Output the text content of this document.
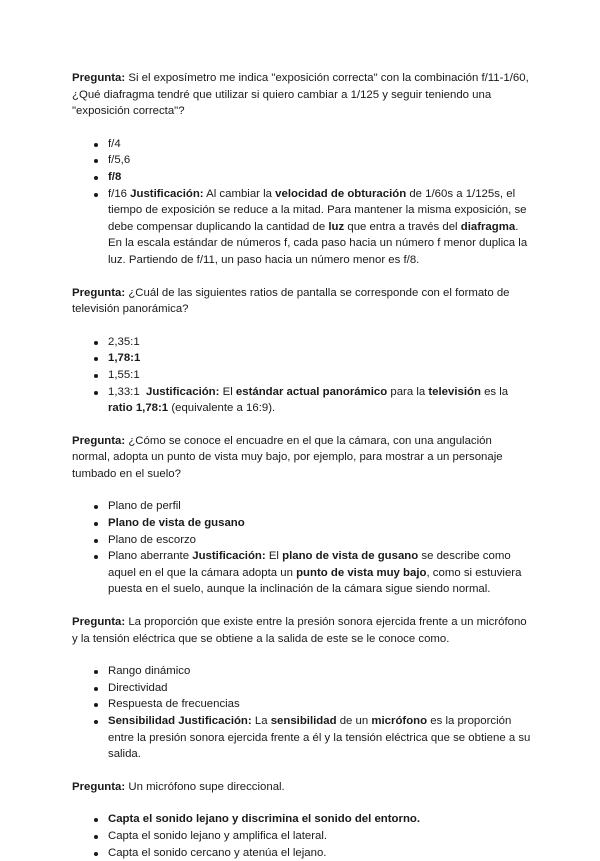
Pregunta: Si el exposímetro me indica "exposición correcta" con la combinación f/11-1/60, ¿Qué diafragma tendré que utilizar si quiero cambiar a 1/125 y seguir teniendo una "exposición correcta"?

f/4
f/5,6
f/8
f/16 Justificación: Al cambiar la velocidad de obturación de 1/60s a 1/125s, el tiempo de exposición se reduce a la mitad. Para mantener la misma exposición, se debe compensar duplicando la cantidad de luz que entra a través del diafragma. En la escala estándar de números f, cada paso hacia un número f menor duplica la luz. Partiendo de f/11, un paso hacia un número menor es f/8.

Pregunta: ¿Cuál de las siguientes ratios de pantalla se corresponde con el formato de televisión panorámica?

2,35:1
1,78:1
1,55:1
1,33:1 Justificación: El estándar actual panorámico para la televisión es la ratio 1,78:1 (equivalente a 16:9).

Pregunta: ¿Cómo se conoce el encuadre en el que la cámara, con una angulación normal, adopta un punto de vista muy bajo, por ejemplo, para mostrar a un personaje tumbado en el suelo?

Plano de perfil
Plano de vista de gusano
Plano de escorzo
Plano aberrante Justificación: El plano de vista de gusano se describe como aquel en el que la cámara adopta un punto de vista muy bajo, como si estuviera puesta en el suelo, aunque la inclinación de la cámara sigue siendo normal.

Pregunta: La proporción que existe entre la presión sonora ejercida frente a un micrófono y la tensión eléctrica que se obtiene a la salida de este se le conoce como.

Rango dinámico
Directividad
Respuesta de frecuencias
Sensibilidad Justificación: La sensibilidad de un micrófono es la proporción entre la presión sonora ejercida frente a él y la tensión eléctrica que se obtiene a su salida.

Pregunta: Un micrófono supe direccional.

Capta el sonido lejano y discrimina el sonido del entorno.
Capta el sonido lejano y amplifica el lateral.
Capta el sonido cercano y atenúa el lejano.
